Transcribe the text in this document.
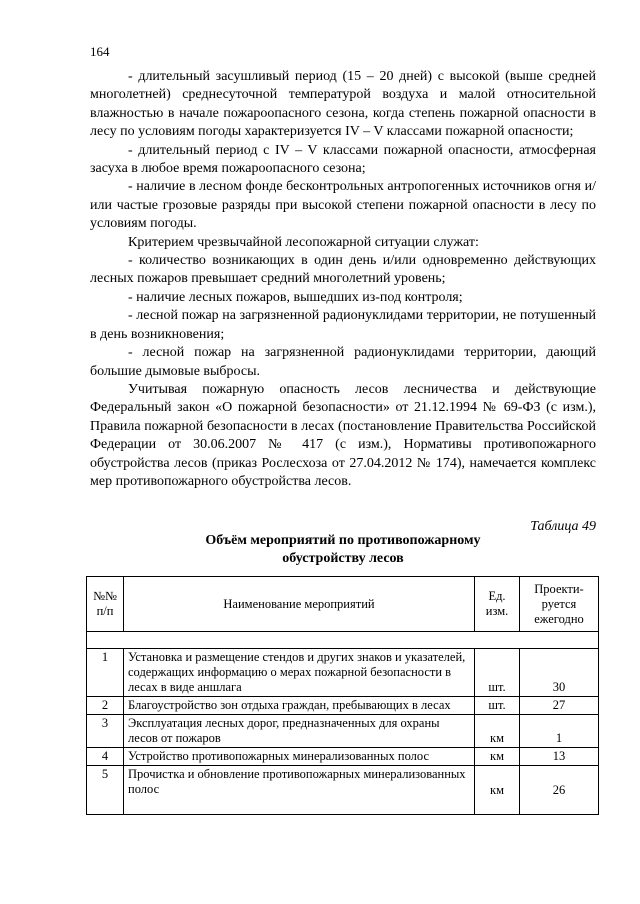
164

- длительный засушливый период (15 – 20 дней) с высокой (выше средней многолетней) среднесуточной температурой воздуха и малой относительной влажностью в начале пожароопасного сезона, когда степень пожарной опасности в лесу по условиям погоды характеризуется IV – V классами пожарной опасности;

- длительный период с IV – V классами пожарной опасности, атмосферная засуха в любое время пожароопасного сезона;

- наличие в лесном фонде бесконтрольных антропогенных источников огня и/или частые грозовые разряды при высокой степени пожарной опасности в лесу по условиям погоды.

Критерием чрезвычайной лесопожарной ситуации служат:

- количество возникающих в один день и/или одновременно действующих лесных пожаров превышает средний многолетний уровень;

- наличие лесных пожаров, вышедших из-под контроля;

- лесной пожар на загрязненной радионуклидами территории, не потушенный в день возникновения;

- лесной пожар на загрязненной радионуклидами территории, дающий большие дымовые выбросы.

Учитывая пожарную опасность лесов лесничества и действующие Федеральный закон «О пожарной безопасности» от 21.12.1994 № 69-ФЗ (с изм.), Правила пожарной безопасности в лесах (постановление Правительства Российской Федерации от 30.06.2007 № 417 (с изм.), Нормативы противопожарного обустройства лесов (приказ Рослесхоза от 27.04.2012 № 174), намечается комплекс мер противопожарного обустройства лесов.

Таблица 49
Объём мероприятий по противопожарному
обустройству лесов
№№ п/п	Наименование мероприятий	Ед. изм.	Проекти- руется ежегодно

1	Установка и размещение стендов и других знаков и указателей, содержащих информацию о мерах пожарной безопасности в лесах в виде аншлага	шт.	30
2	Благоустройство зон отдыха граждан, пребывающих в лесах	шт.	27
3	Эксплуатация лесных дорог, предназначенных для охраны лесов от пожаров	км	1
4	Устройство противопожарных минерализованных полос	км	13
5	Прочистка и обновление противопожарных минерализованных полос	км	26
